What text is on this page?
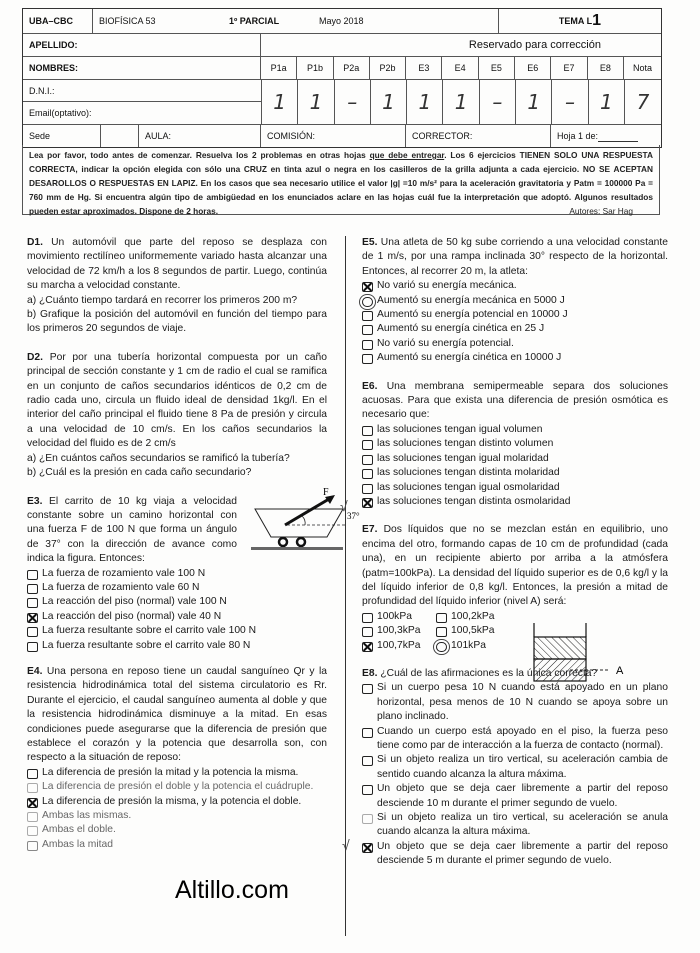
UBA–CBC	BIOFÍSICA 53	1º PARCIAL	Mayo 2018	TEMA L 1
APELLIDO:	Reservado para corrección
NOMBRES:	P1a	P1b	P2a	P2b	E3	E4	E5	E6	E7	E8	Nota
D.N.I.:
Email(optativo):	1	1	–	1	1	1	–	1	–	1	7
Sede	AULA:	COMISIÓN:	CORRECTOR:	Hoja 1 de:
Lea por favor, todo antes de comenzar. Resuelva los 2 problemas en otras hojas que debe entregar. Los 6 ejercicios TIENEN SOLO UNA RESPUESTA CORRECTA, indicar la opción elegida con sólo una CRUZ en tinta azul o negra en los casilleros de la grilla adjunta a cada ejercicio. NO SE ACEPTAN DESAROLLOS O RESPUESTAS EN LAPIZ. En los casos que sea necesario utilice el valor |g| =10 m/s² para la aceleración gravitatoria y Patm = 100000 Pa = 760 mm de Hg. Si encuentra algún tipo de ambigüedad en los enunciados aclare en las hojas cuál fue la interpretación que adoptó. Algunos resultados pueden estar aproximados. Dispone de 2 horas.	Autores: Sar Hag
D1. Un automóvil que parte del reposo se desplaza con movimiento rectilíneo uniformemente variado hasta alcanzar una velocidad de 72 km/h a los 8 segundos de partir. Luego, continúa su marcha a velocidad constante.
a) ¿Cuánto tiempo tardará en recorrer los primeros 200 m?
b) Grafique la posición del automóvil en función del tiempo para los primeros 20 segundos de viaje.
D2. Por por una tubería horizontal compuesta por un caño principal de sección constante y 1 cm de radio el cual se ramifica en un conjunto de caños secundarios idénticos de 0,2 cm de radio cada uno, circula un fluido ideal de densidad 1kg/l. En el interior del caño principal el fluido tiene 8 Pa de presión y circula a una velocidad de 10 cm/s. En los caños secundarios la velocidad del fluido es de 2 cm/s
a) ¿En cuántos caños secundarios se ramificó la tubería?
b) ¿Cuál es la presión en cada caño secundario?
E3. El carrito de 10 kg viaja a velocidad constante sobre un camino horizontal con una fuerza F de 100 N que forma un ángulo de 37° con la dirección de avance como indica la figura. Entonces:
F
37°
La fuerza de rozamiento vale 100 N
La fuerza de rozamiento vale 60 N
La reacción del piso (normal) vale 100 N
La reacción del piso (normal) vale 40 N
La fuerza resultante sobre el carrito vale 100 N
La fuerza resultante sobre el carrito vale 80 N
E4. Una persona en reposo tiene un caudal sanguíneo Qr y la resistencia hidrodinámica total del sistema circulatorio es Rr. Durante el ejercicio, el caudal sanguíneo aumenta al doble y que la resistencia hidrodinámica disminuye a la mitad. En esas condiciones puede asegurarse que la diferencia de presión que establece el corazón y la potencia que desarrolla son, con respecto a la situación de reposo:
La diferencia de presión la mitad y la potencia la misma.
La diferencia de presión el doble y la potencia el cuádruple.
La diferencia de presión la misma, y la potencia el doble.
Ambas las mismas.
Ambas el doble.
Ambas la mitad
E5. Una atleta de 50 kg sube corriendo a una velocidad constante de 1 m/s, por una rampa inclinada 30° respecto de la horizontal. Entonces, al recorrer 20 m, la atleta:
No varió su energía mecánica.
Aumentó su energía mecánica en 5000 J
Aumentó su energía potencial en 10000 J
Aumentó su energía cinética en 25 J
No varió su energía potencial.
Aumentó su energía cinética en 10000 J
E6. Una membrana semipermeable separa dos soluciones acuosas. Para que exista una diferencia de presión osmótica es necesario que:
las soluciones tengan igual volumen
las soluciones tengan distinto volumen
las soluciones tengan igual molaridad
las soluciones tengan distinta molaridad
las soluciones tengan igual osmolaridad
las soluciones tengan distinta osmolaridad
√
E7. Dos líquidos que no se mezclan están en equilibrio, uno encima del otro, formando capas de 10 cm de profundidad (cada una), en un recipiente abierto por arriba a la atmósfera (patm=100kPa). La densidad del líquido superior es de 0,6 kg/l y la del líquido inferior de 0,8 kg/l. Entonces, la presión a mitad de profundidad del líquido inferior (nivel A) será:
100kPa	100,2kPa
100,3kPa	100,5kPa
100,7kPa	101kPa
A
E8. ¿Cuál de las afirmaciones es la única correcta?
Si un cuerpo pesa 10 N cuando está apoyado en un plano horizontal, pesa menos de 10 N cuando se apoya sobre un plano inclinado.
Cuando un cuerpo está apoyado en el piso, la fuerza peso tiene como par de interacción a la fuerza de contacto (normal).
Si un objeto realiza un tiro vertical, su aceleración cambia de sentido cuando alcanza la altura máxima.
Un objeto que se deja caer libremente a partir del reposo desciende 10 m durante el primer segundo de vuelo.
Si un objeto realiza un tiro vertical, su aceleración se anula cuando alcanza la altura máxima.
Un objeto que se deja caer libremente a partir del reposo desciende 5 m durante el primer segundo de vuelo.
√
Altillo.com
